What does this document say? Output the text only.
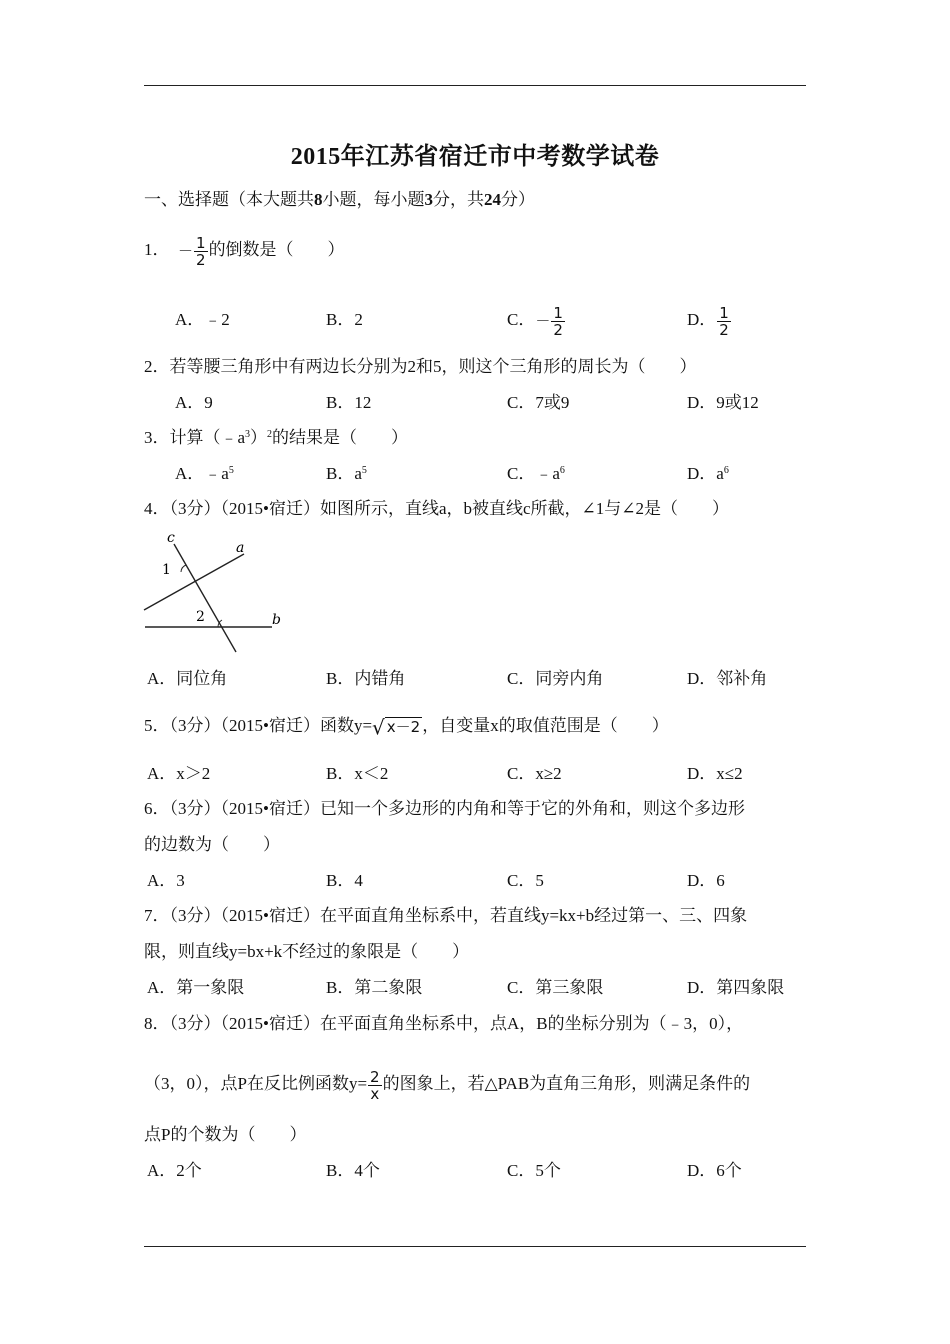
2015年江苏省宿迁市中考数学试卷
一、选择题（本大题共8小题，每小题3分，共24分）
1． － $\frac{1}{2}$ 的倒数是（　　）
A．﹣2	B．2	C．－ $\frac{1}{2}$	D． $\frac{1}{2}$
2．若等腰三角形中有两边长分别为2和5，则这个三角形的周长为（　　）
A．9	B．12	C．7或9	D．9或12
3．计算$(﹣a^3)^2$的结果是（　　）
A．$﹣a^5$	B．$a^5$	C．$﹣a^6$	D．$a^6$
4．（3分）（2015•宿迁）如图所示，直线a，b被直线c所截，∠1与∠2是（　　）
c
a
1
2	b
A．同位角	B．内错角	C．同旁内角	D．邻补角
5．（3分）（2015•宿迁）函数y=√ x－2 ，自变量x的取值范围是（　　）
A．x＞2	B．x＜2	C．x≥2	D．x≤2
6．（3分）（2015•宿迁）已知一个多边形的内角和等于它的外角和，则这个多边形
的边数为（　　）
A．3	B．4	C．5	D．6
7．（3分）（2015•宿迁）在平面直角坐标系中，若直线y=kx+b经过第一、三、四象
限，则直线y=bx+k不经过的象限是（　　）
A．第一象限	B．第二象限	C．第三象限	D．第四象限
8．（3分）（2015•宿迁）在平面直角坐标系中，点A，B的坐标分别为（﹣3，0），
（3，0），点P在反比例函数$y= \frac{2}{x}$ 的图象上，若△PAB为直角三角形，则满足条件的
点P的个数为（　　）
A．2个	B．4个	C．5个	D．6个
